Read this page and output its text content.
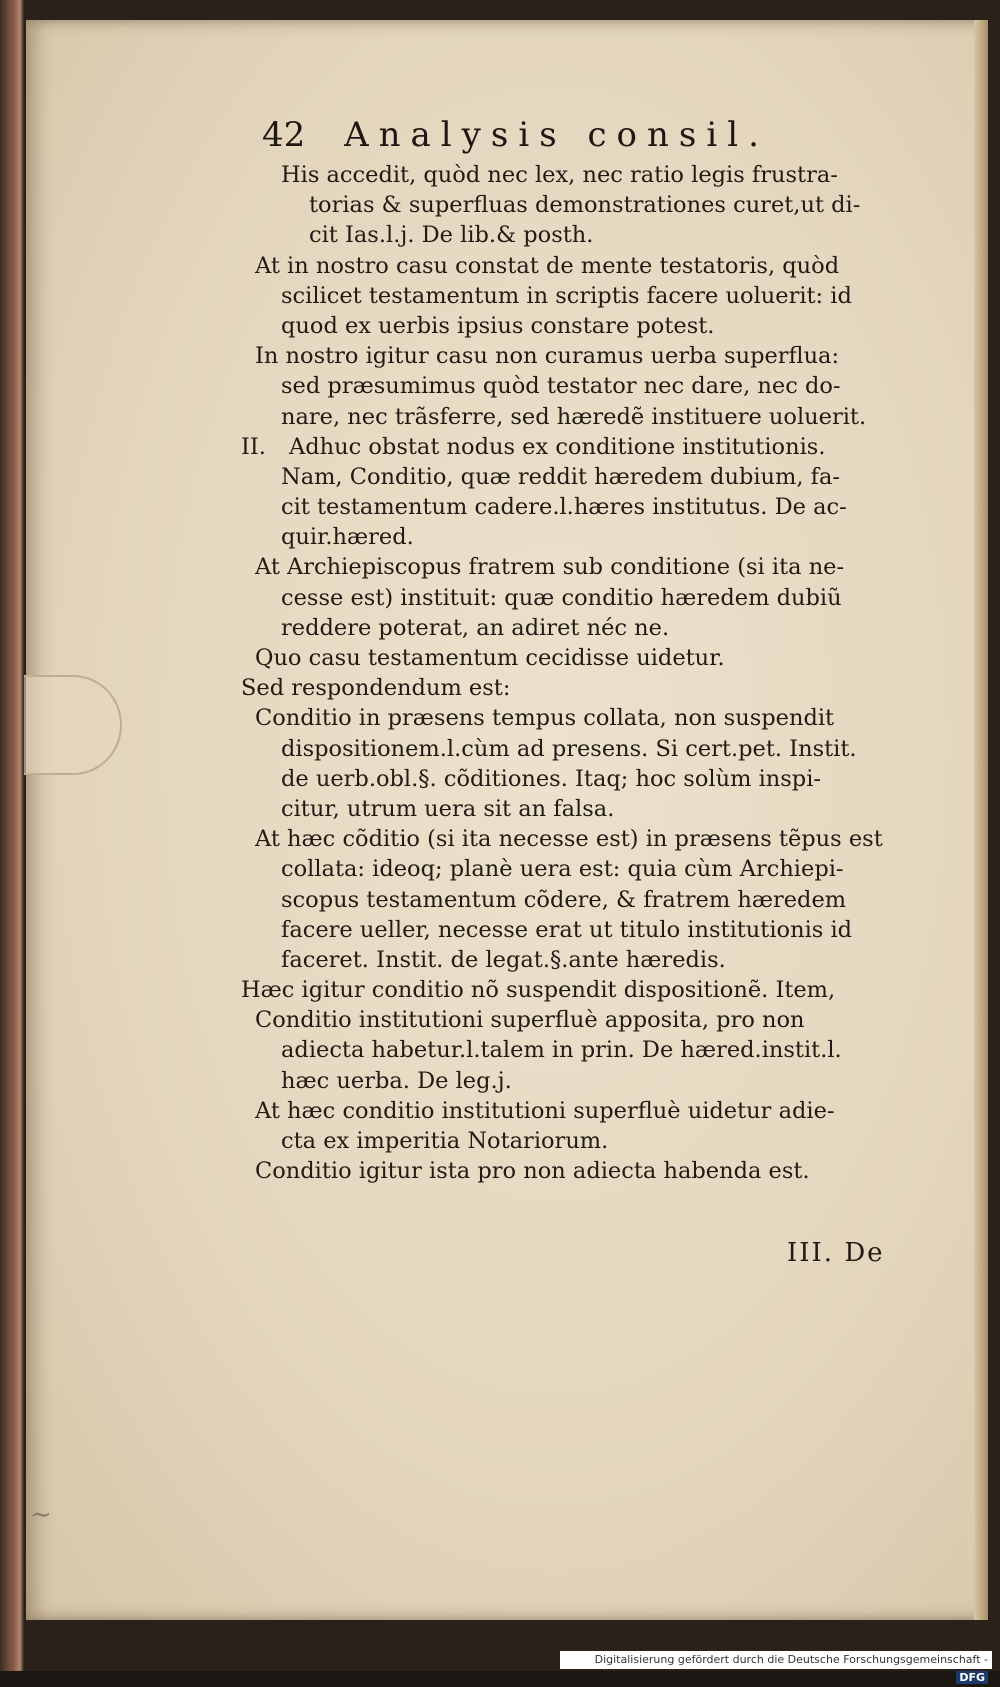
42 Analysis consil.
His accedit, quòd nec lex, nec ratio legis frustra-
torias & superfluas demonstrationes curet,ut di-
cit Ias.l.j. De lib.& posth.
At in nostro casu constat de mente testatoris, quòd
scilicet testamentum in scriptis facere uoluerit: id
quod ex uerbis ipsius constare potest.
In nostro igitur casu non curamus uerba superflua:
sed præsumimus quòd testator nec dare, nec do-
nare, nec trãsferre, sed hæredẽ instituere uoluerit.
II. Adhuc obstat nodus ex conditione institutionis.
Nam, Conditio, quæ reddit hæredem dubium, fa-
cit testamentum cadere.l.hæres institutus. De ac-
quir.hæred.
At Archiepiscopus fratrem sub conditione (si ita ne-
cesse est) instituit: quæ conditio hæredem dubiũ
reddere poterat, an adiret néc ne.
Quo casu testamentum cecidisse uidetur.
Sed respondendum est:
Conditio in præsens tempus collata, non suspendit
dispositionem.l.cùm ad presens. Si cert.pet. Instit.
de uerb.obl.§. cõditiones. Itaq; hoc solùm inspi-
citur, utrum uera sit an falsa.
At hæc cõditio (si ita necesse est) in præsens tẽpus est
collata: ideoq; planè uera est: quia cùm Archiepi-
scopus testamentum cõdere, & fratrem hæredem
facere ueller, necesse erat ut titulo institutionis id
faceret. Instit. de legat.§.ante hæredis.
Hæc igitur conditio nõ suspendit dispositionẽ. Item,
Conditio institutioni superfluè apposita, pro non
adiecta habetur.l.talem in prin. De hæred.instit.l.
hæc uerba. De leg.j.
At hæc conditio institutioni superfluè uidetur adie-
cta ex imperitia Notariorum.
Conditio igitur ista pro non adiecta habenda est.
III. De
∼
Digitalisierung gefördert durch die Deutsche Forschungsgemeinschaft -DFG
